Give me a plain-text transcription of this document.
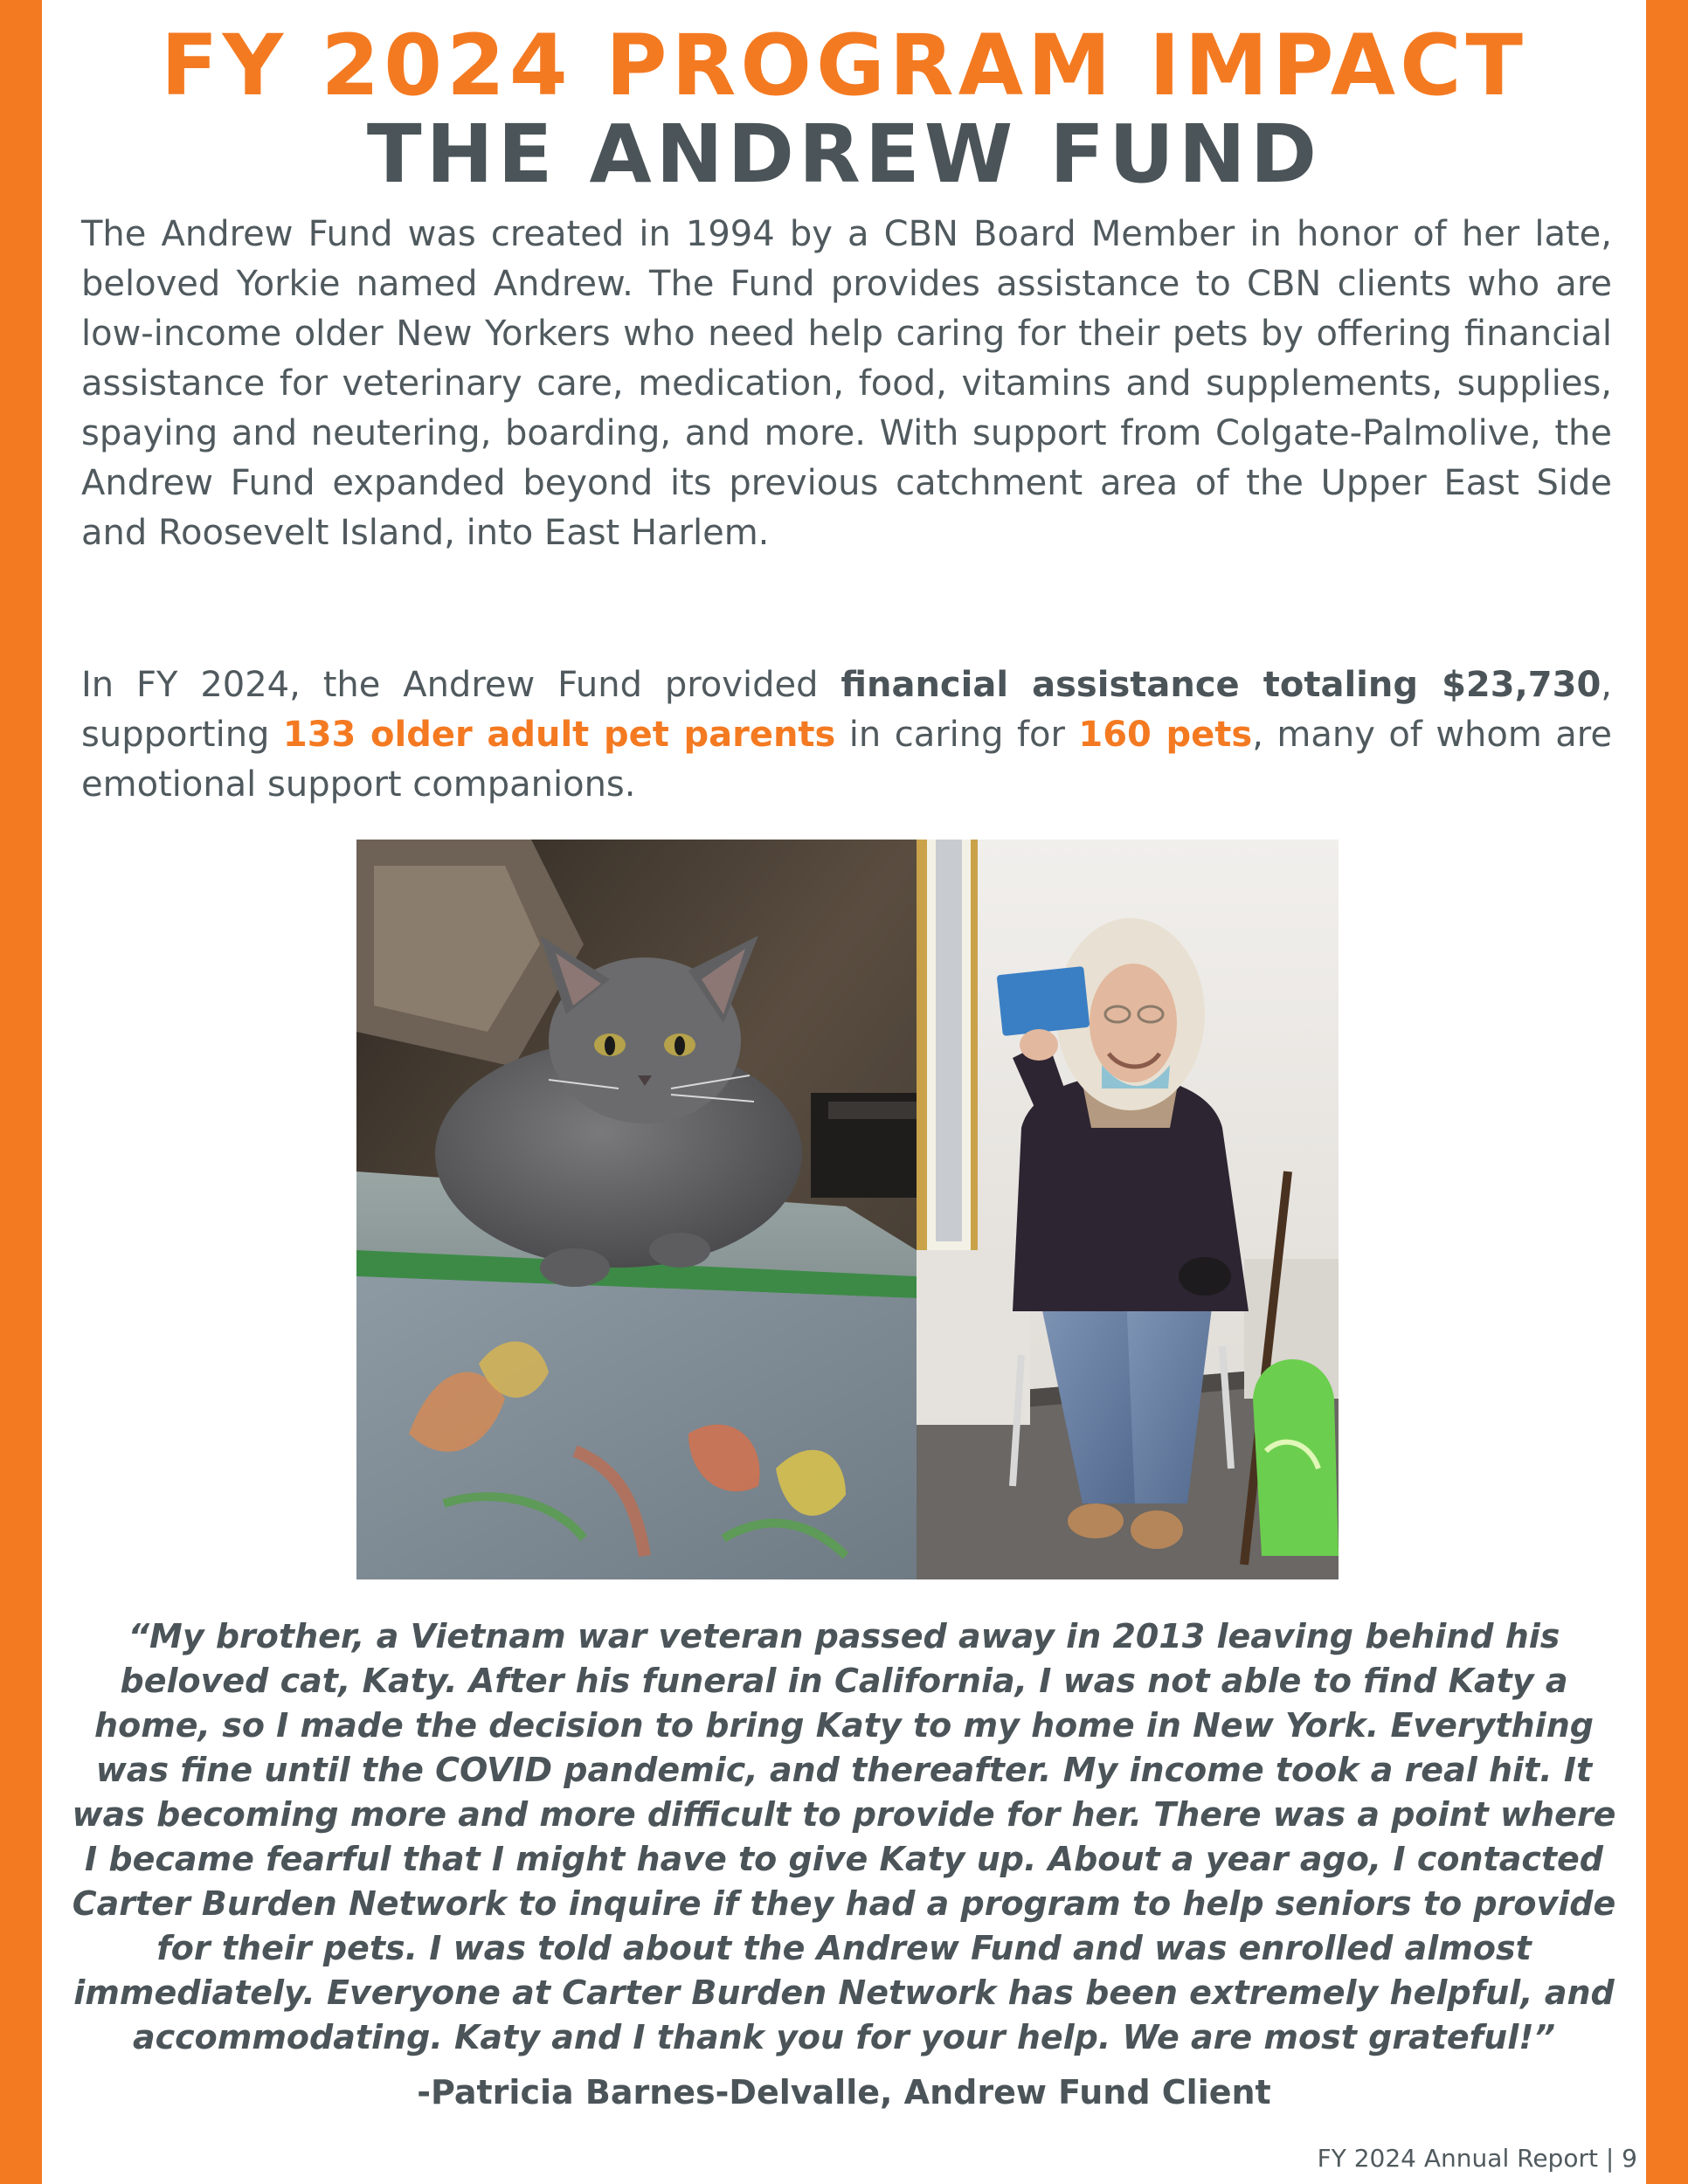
FY 2024 PROGRAM IMPACT
THE ANDREW FUND

The Andrew Fund was created in 1994 by a CBN Board Member in honor of her late, beloved Yorkie named Andrew. The Fund provides assistance to CBN clients who are low-income older New Yorkers who need help caring for their pets by offering financial assistance for veterinary care, medication, food, vitamins and supplements, supplies, spaying and neutering, boarding, and more. With support from Colgate-Palmolive, the Andrew Fund expanded beyond its previous catchment area of the Upper East Side and Roosevelt Island, into East Harlem.

In FY 2024, the Andrew Fund provided financial assistance totaling $23,730, supporting 133 older adult pet parents in caring for 160 pets, many of whom are emotional support companions.

“My brother, a Vietnam war veteran passed away in 2013 leaving behind his beloved cat, Katy. After his funeral in California, I was not able to find Katy a home, so I made the decision to bring Katy to my home in New York. Everything was fine until the COVID pandemic, and thereafter. My income took a real hit. It was becoming more and more difficult to provide for her. There was a point where I became fearful that I might have to give Katy up. About a year ago, I contacted Carter Burden Network to inquire if they had a program to help seniors to provide for their pets. I was told about the Andrew Fund and was enrolled almost immediately. Everyone at Carter Burden Network has been extremely helpful, and accommodating. Katy and I thank you for your help. We are most grateful!”

-Patricia Barnes-Delvalle, Andrew Fund Client

FY 2024 Annual Report | 9
